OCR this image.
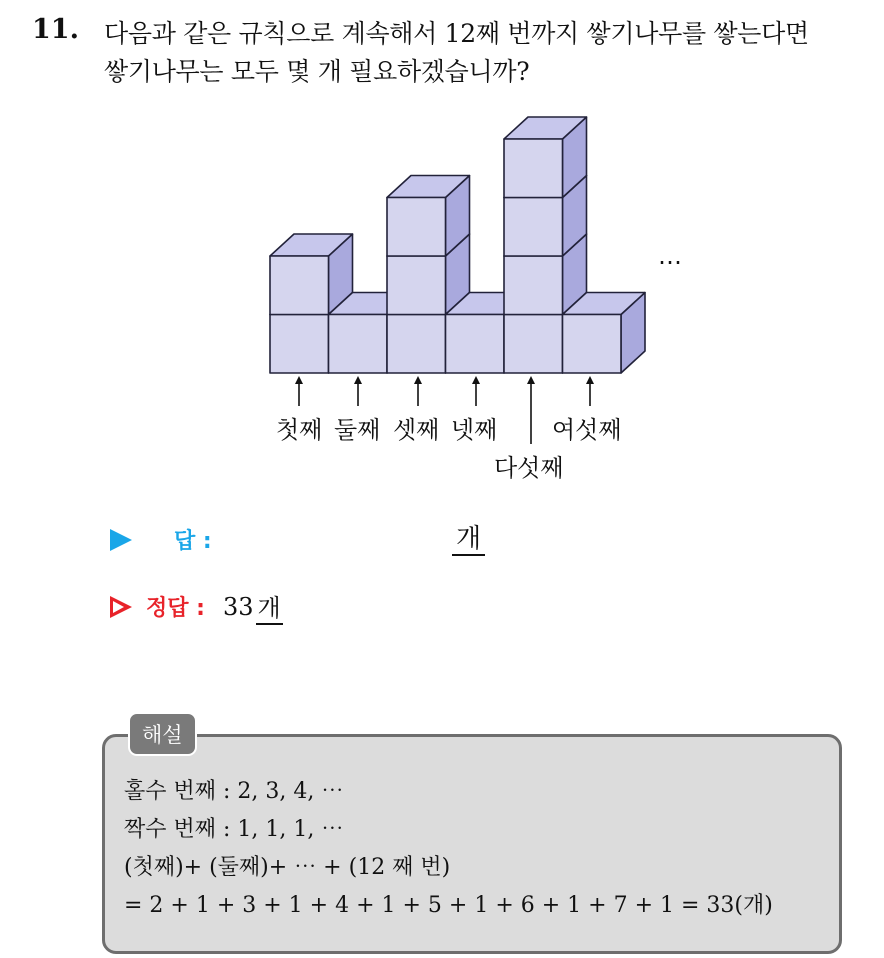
11. 다음과 같은 규칙으로 계속해서 12째 번까지 쌓기나무를 쌓는다면
쌓기나무는 모두 몇 개 필요하겠습니까?
⋯
첫째 둘째 셋째 넷째
다섯째
여섯째
답 :	개
정답 : 33 개
해설
홀수 번째 : 2, 3, 4, ⋯
짝수 번째 : 1, 1, 1, ⋯
(첫째)+ (둘째)+ ⋯ + (12 째 번)
= 2 + 1 + 3 + 1 + 4 + 1 + 5 + 1 + 6 + 1 + 7 + 1 = 33(개)
